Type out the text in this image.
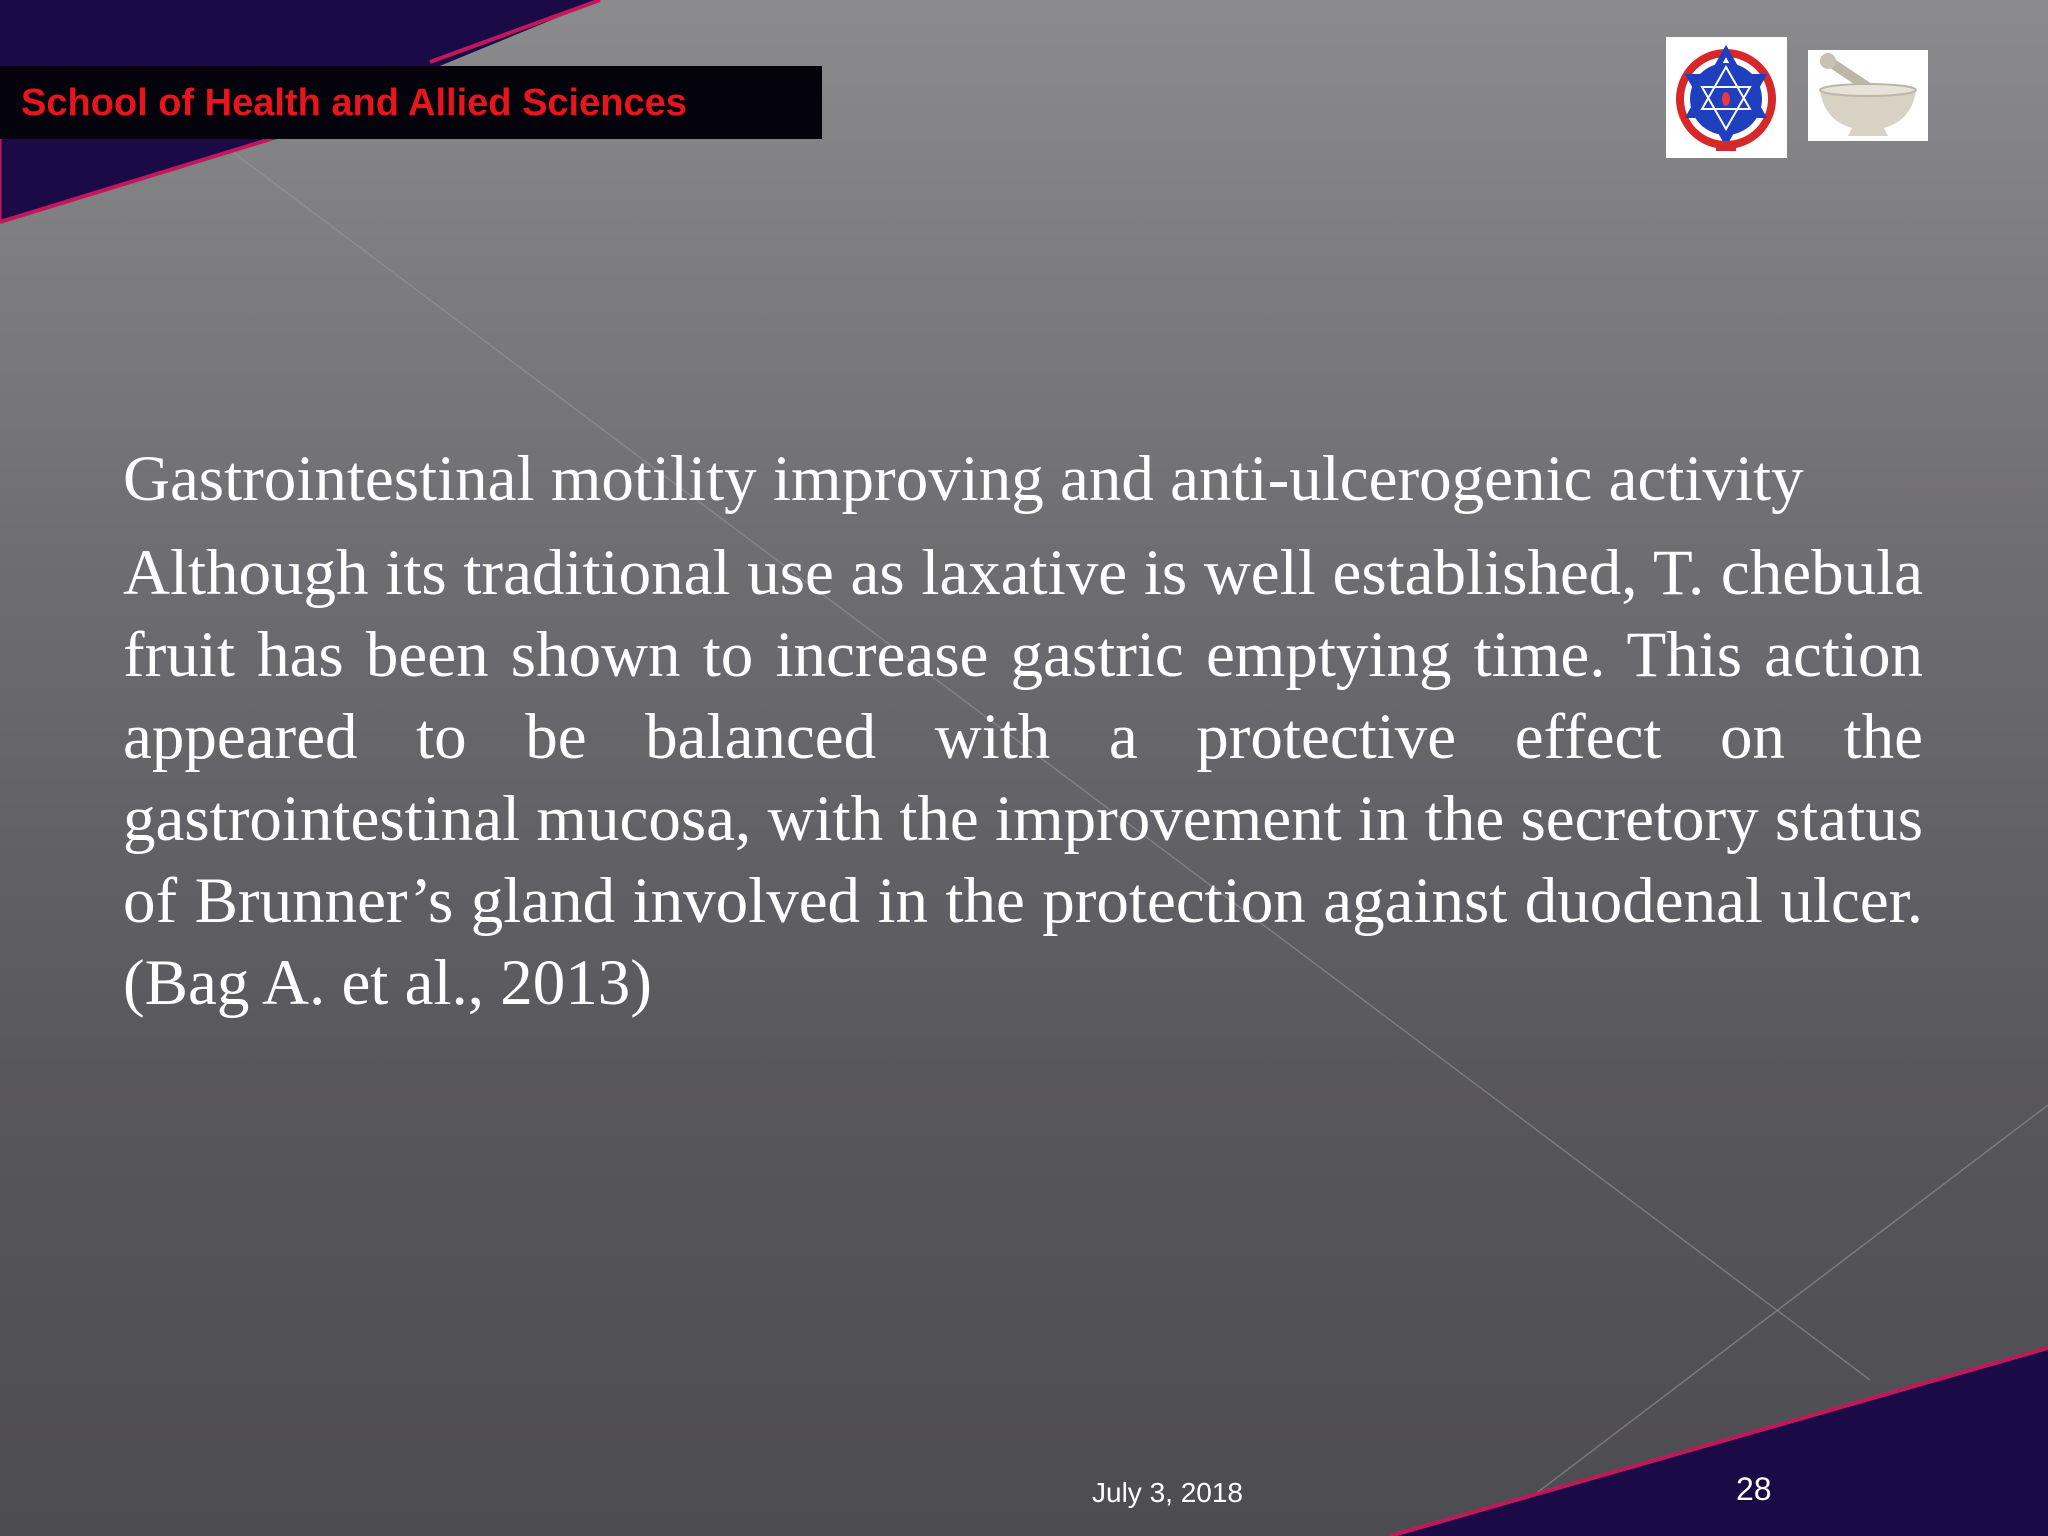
Pokhara University
School of Health and Allied Sciences
Gastrointestinal motility improving and anti-ulcerogenic activity

Although its traditional use as laxative is well established, T. chebula fruit has been shown to increase gastric emptying time. This action appeared to be balanced with a protective effect on the gastrointestinal mucosa, with the improvement in the secretory status of Brunner’s gland involved in the protection against duodenal ulcer. (Bag A. et al., 2013)

July 3, 2018	28
